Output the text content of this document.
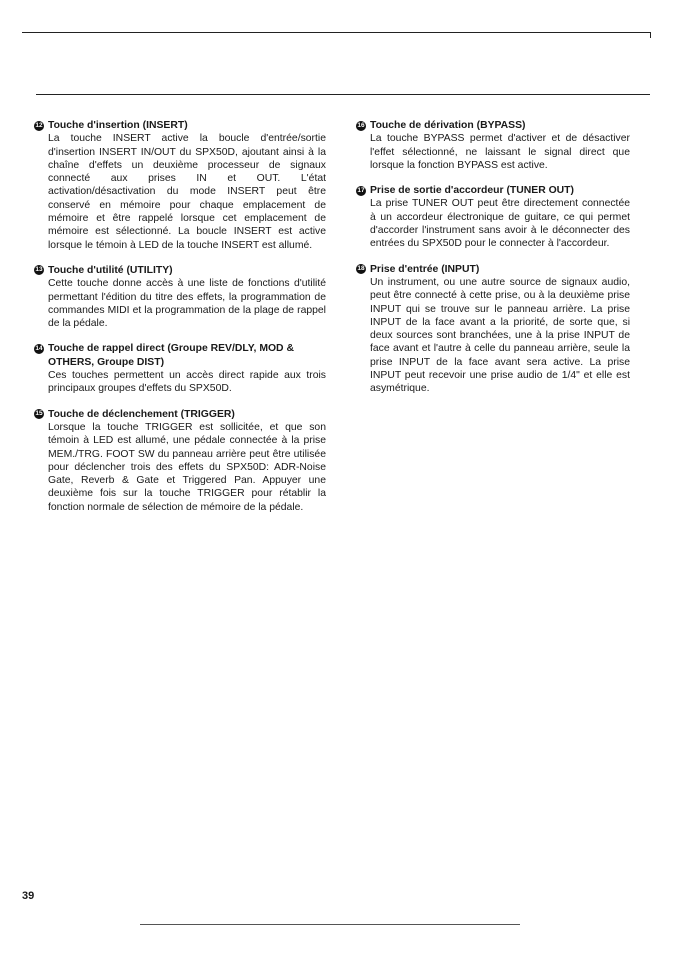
12 Touche d'insertion (INSERT)
La touche INSERT active la boucle d'entrée/sortie d'insertion INSERT IN/OUT du SPX50D, ajoutant ainsi à la chaîne d'effets un deuxième processeur de signaux connecté aux prises IN et OUT. L'état activation/désactivation du mode INSERT peut être conservé en mémoire pour chaque emplacement de mémoire et être rappelé lorsque cet emplacement de mémoire est sélectionné. La boucle INSERT est active lorsque le témoin à LED de la touche INSERT est allumé.
13 Touche d'utilité (UTILITY)
Cette touche donne accès à une liste de fonctions d'utilité permettant l'édition du titre des effets, la programmation de commandes MIDI et la programmation de la plage de rappel de la pédale.
14 Touche de rappel direct (Groupe REV/DLY, MOD & OTHERS, Groupe DIST)
Ces touches permettent un accès direct rapide aux trois principaux groupes d'effets du SPX50D.
15 Touche de déclenchement (TRIGGER)
Lorsque la touche TRIGGER est sollicitée, et que son témoin à LED est allumé, une pédale connectée à la prise MEM./TRG. FOOT SW du panneau arrière peut être utilisée pour déclencher trois des effets du SPX50D: ADR-Noise Gate, Reverb & Gate et Triggered Pan. Appuyer une deuxième fois sur la touche TRIGGER pour rétablir la fonction normale de sélection de mémoire de la pédale.
16 Touche de dérivation (BYPASS)
La touche BYPASS permet d'activer et de désactiver l'effet sélectionné, ne laissant le signal direct que lorsque la fonction BYPASS est active.
17 Prise de sortie d'accordeur (TUNER OUT)
La prise TUNER OUT peut être directement connectée à un accordeur électronique de guitare, ce qui permet d'accorder l'instrument sans avoir à le déconnecter des entrées du SPX50D pour le connecter à l'accordeur.
18 Prise d'entrée (INPUT)
Un instrument, ou une autre source de signaux audio, peut être connecté à cette prise, ou à la deuxième prise INPUT qui se trouve sur le panneau arrière. La prise INPUT de la face avant a la priorité, de sorte que, si deux sources sont branchées, une à la prise INPUT de face avant et l'autre à celle du panneau arrière, seule la prise INPUT de la face avant sera active. La prise INPUT peut recevoir une prise audio de 1/4" et elle est asymétrique.
39
